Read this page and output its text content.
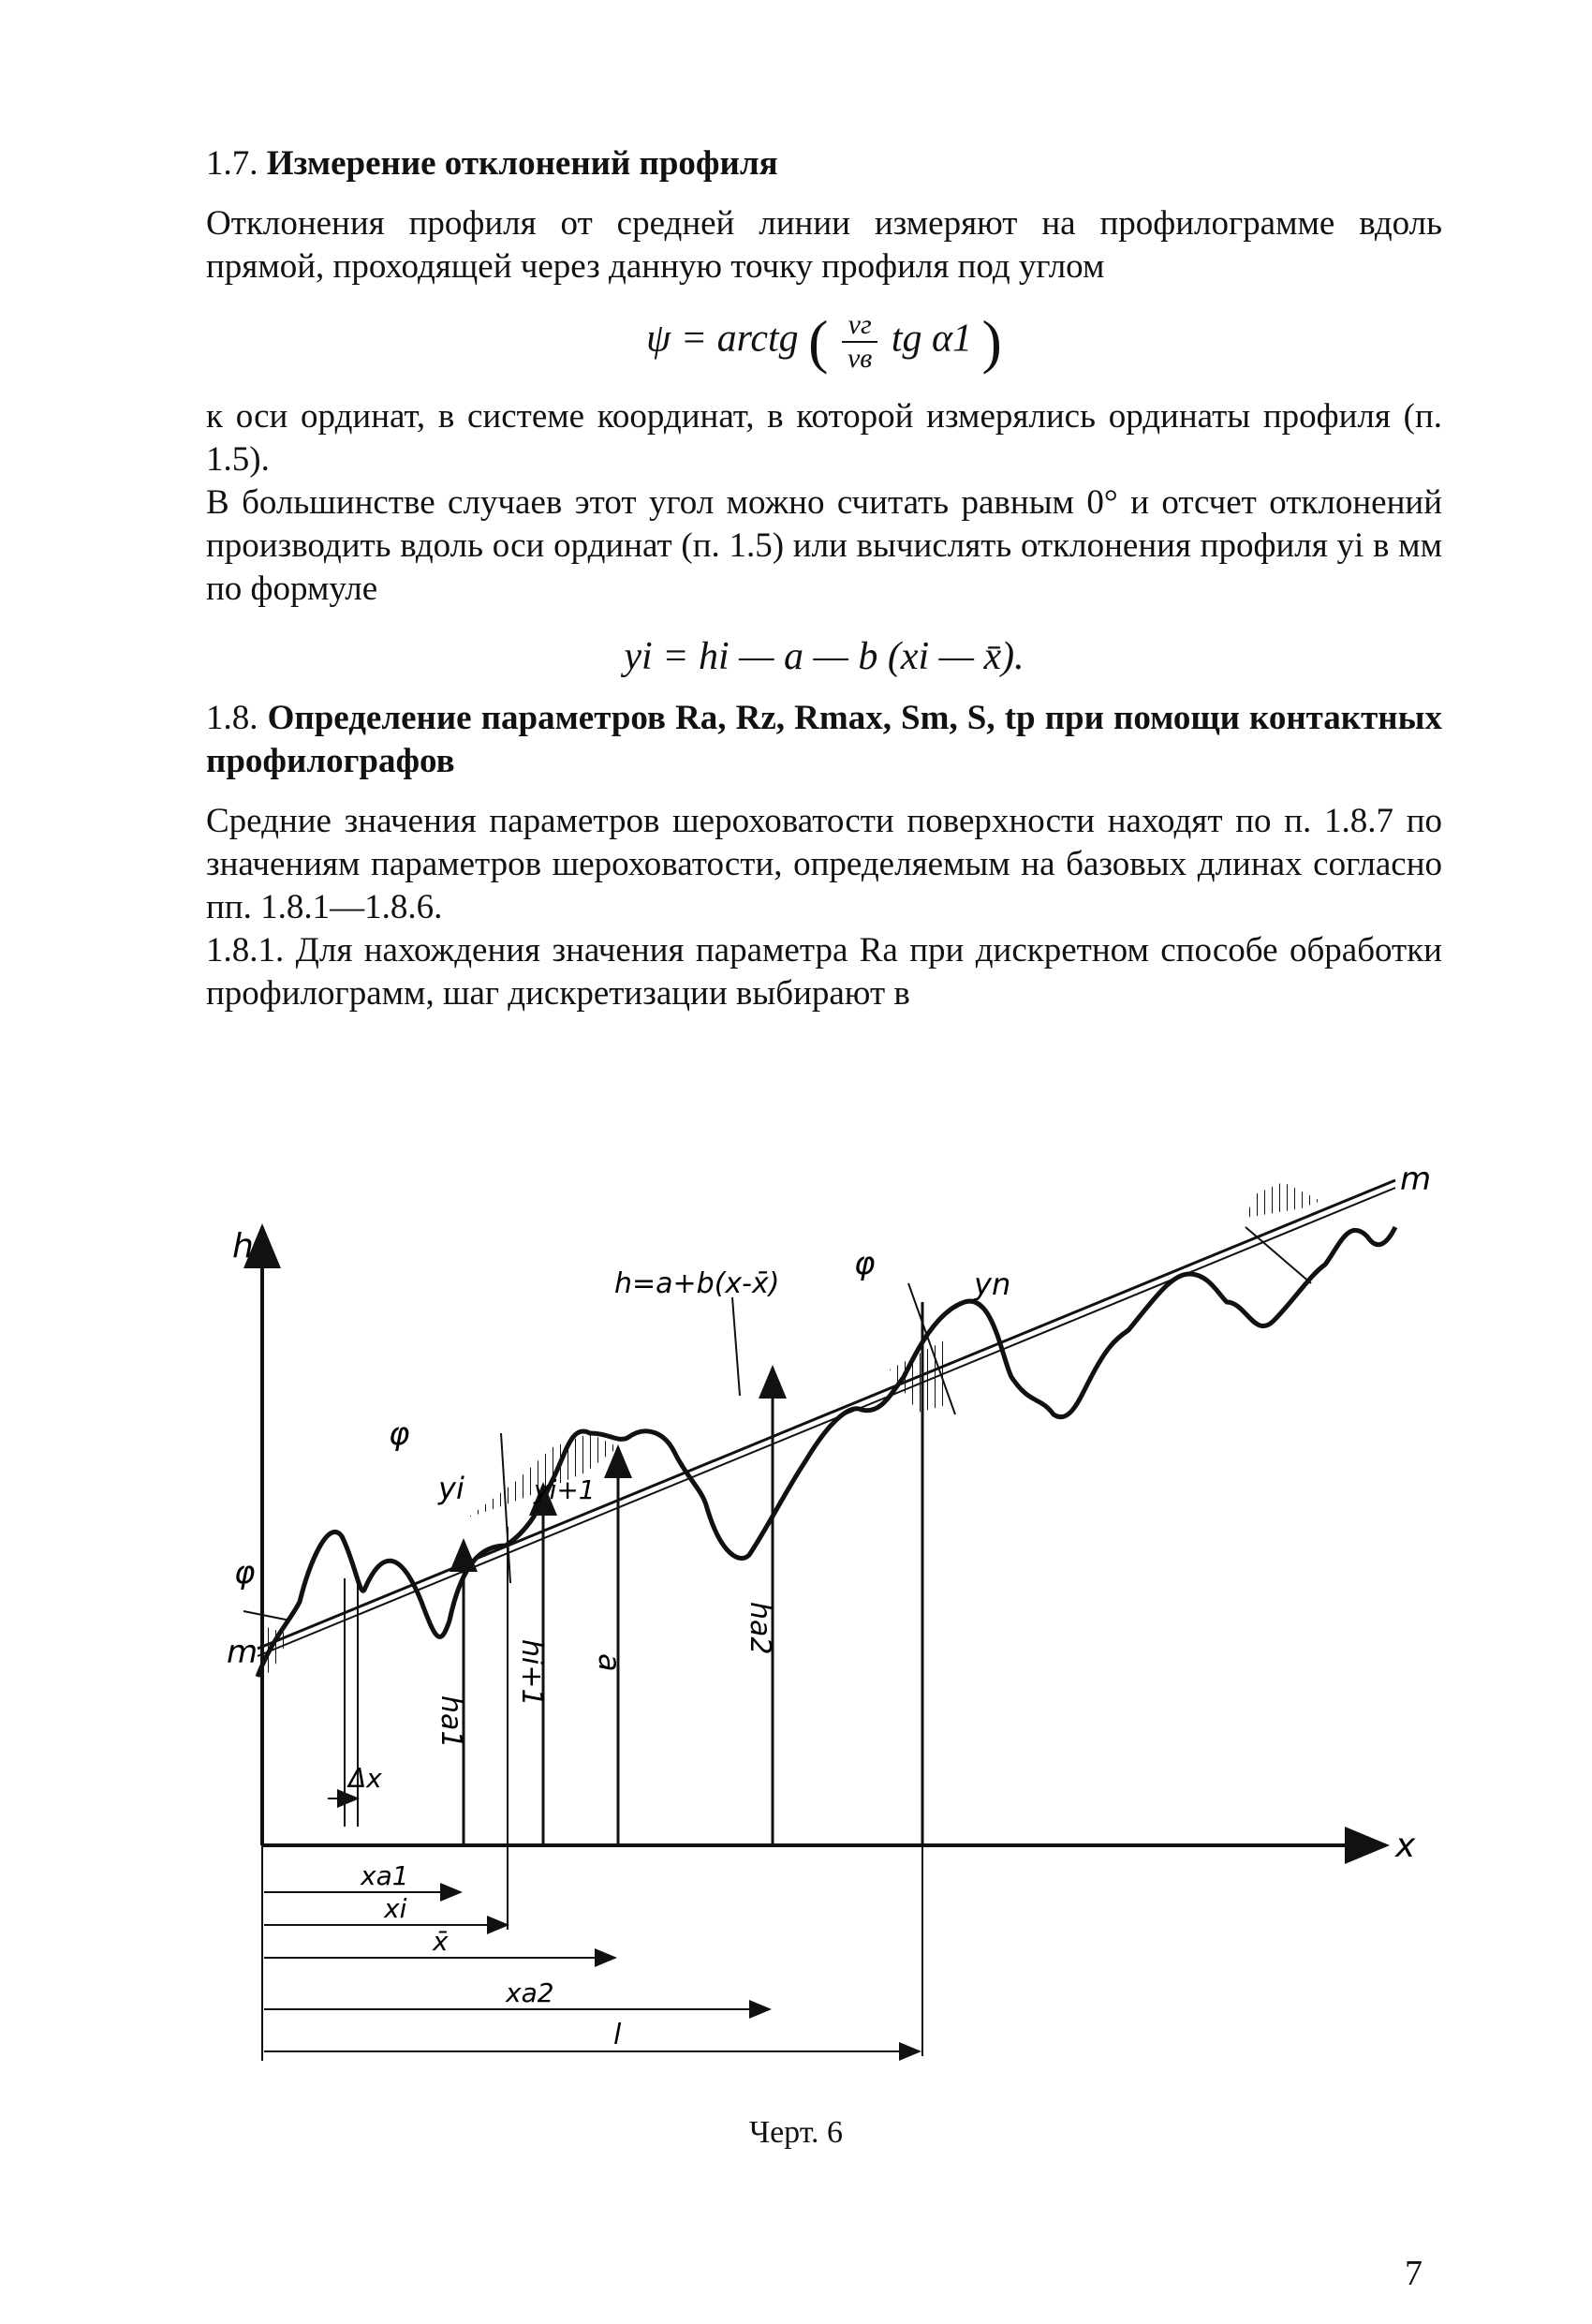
1.7. Измерение отклонений профиля

Отклонения профиля от средней линии измеряют на профилограмме вдоль прямой, проходящей через данную точку профиля под углом

ψ = arctg ( $\frac{vг}{vв}$ tg α1 )

к оси ординат, в системе координат, в которой измерялись ординаты профиля (п. 1.5).

В большинстве случаев этот угол можно считать равным 0° и отсчет отклонений производить вдоль оси ординат (п. 1.5) или вычислять отклонения профиля yi в мм по формуле

yi = hi — a — b (xi — x̄).

1.8. Определение параметров Ra, Rz, Rmax, Sm, S, tp при помощи контактных профилографов

Средние значения параметров шероховатости поверхности находят по п. 1.8.7 по значениям параметров шероховатости, определяемым на базовых длинах согласно пп. 1.8.1—1.8.6.

1.8.1. Для нахождения значения параметра Ra при дискретном способе обработки профилограмм, шаг дискретизации выбирают в

h
x
m
m
h=a+b(x-x̄)
φ
φ
φ
yi	yi+1
yn
ha1
hi+1 a
ha2
Δx
xa1
xi
x̄
xa2
l
Черт. 6
7
